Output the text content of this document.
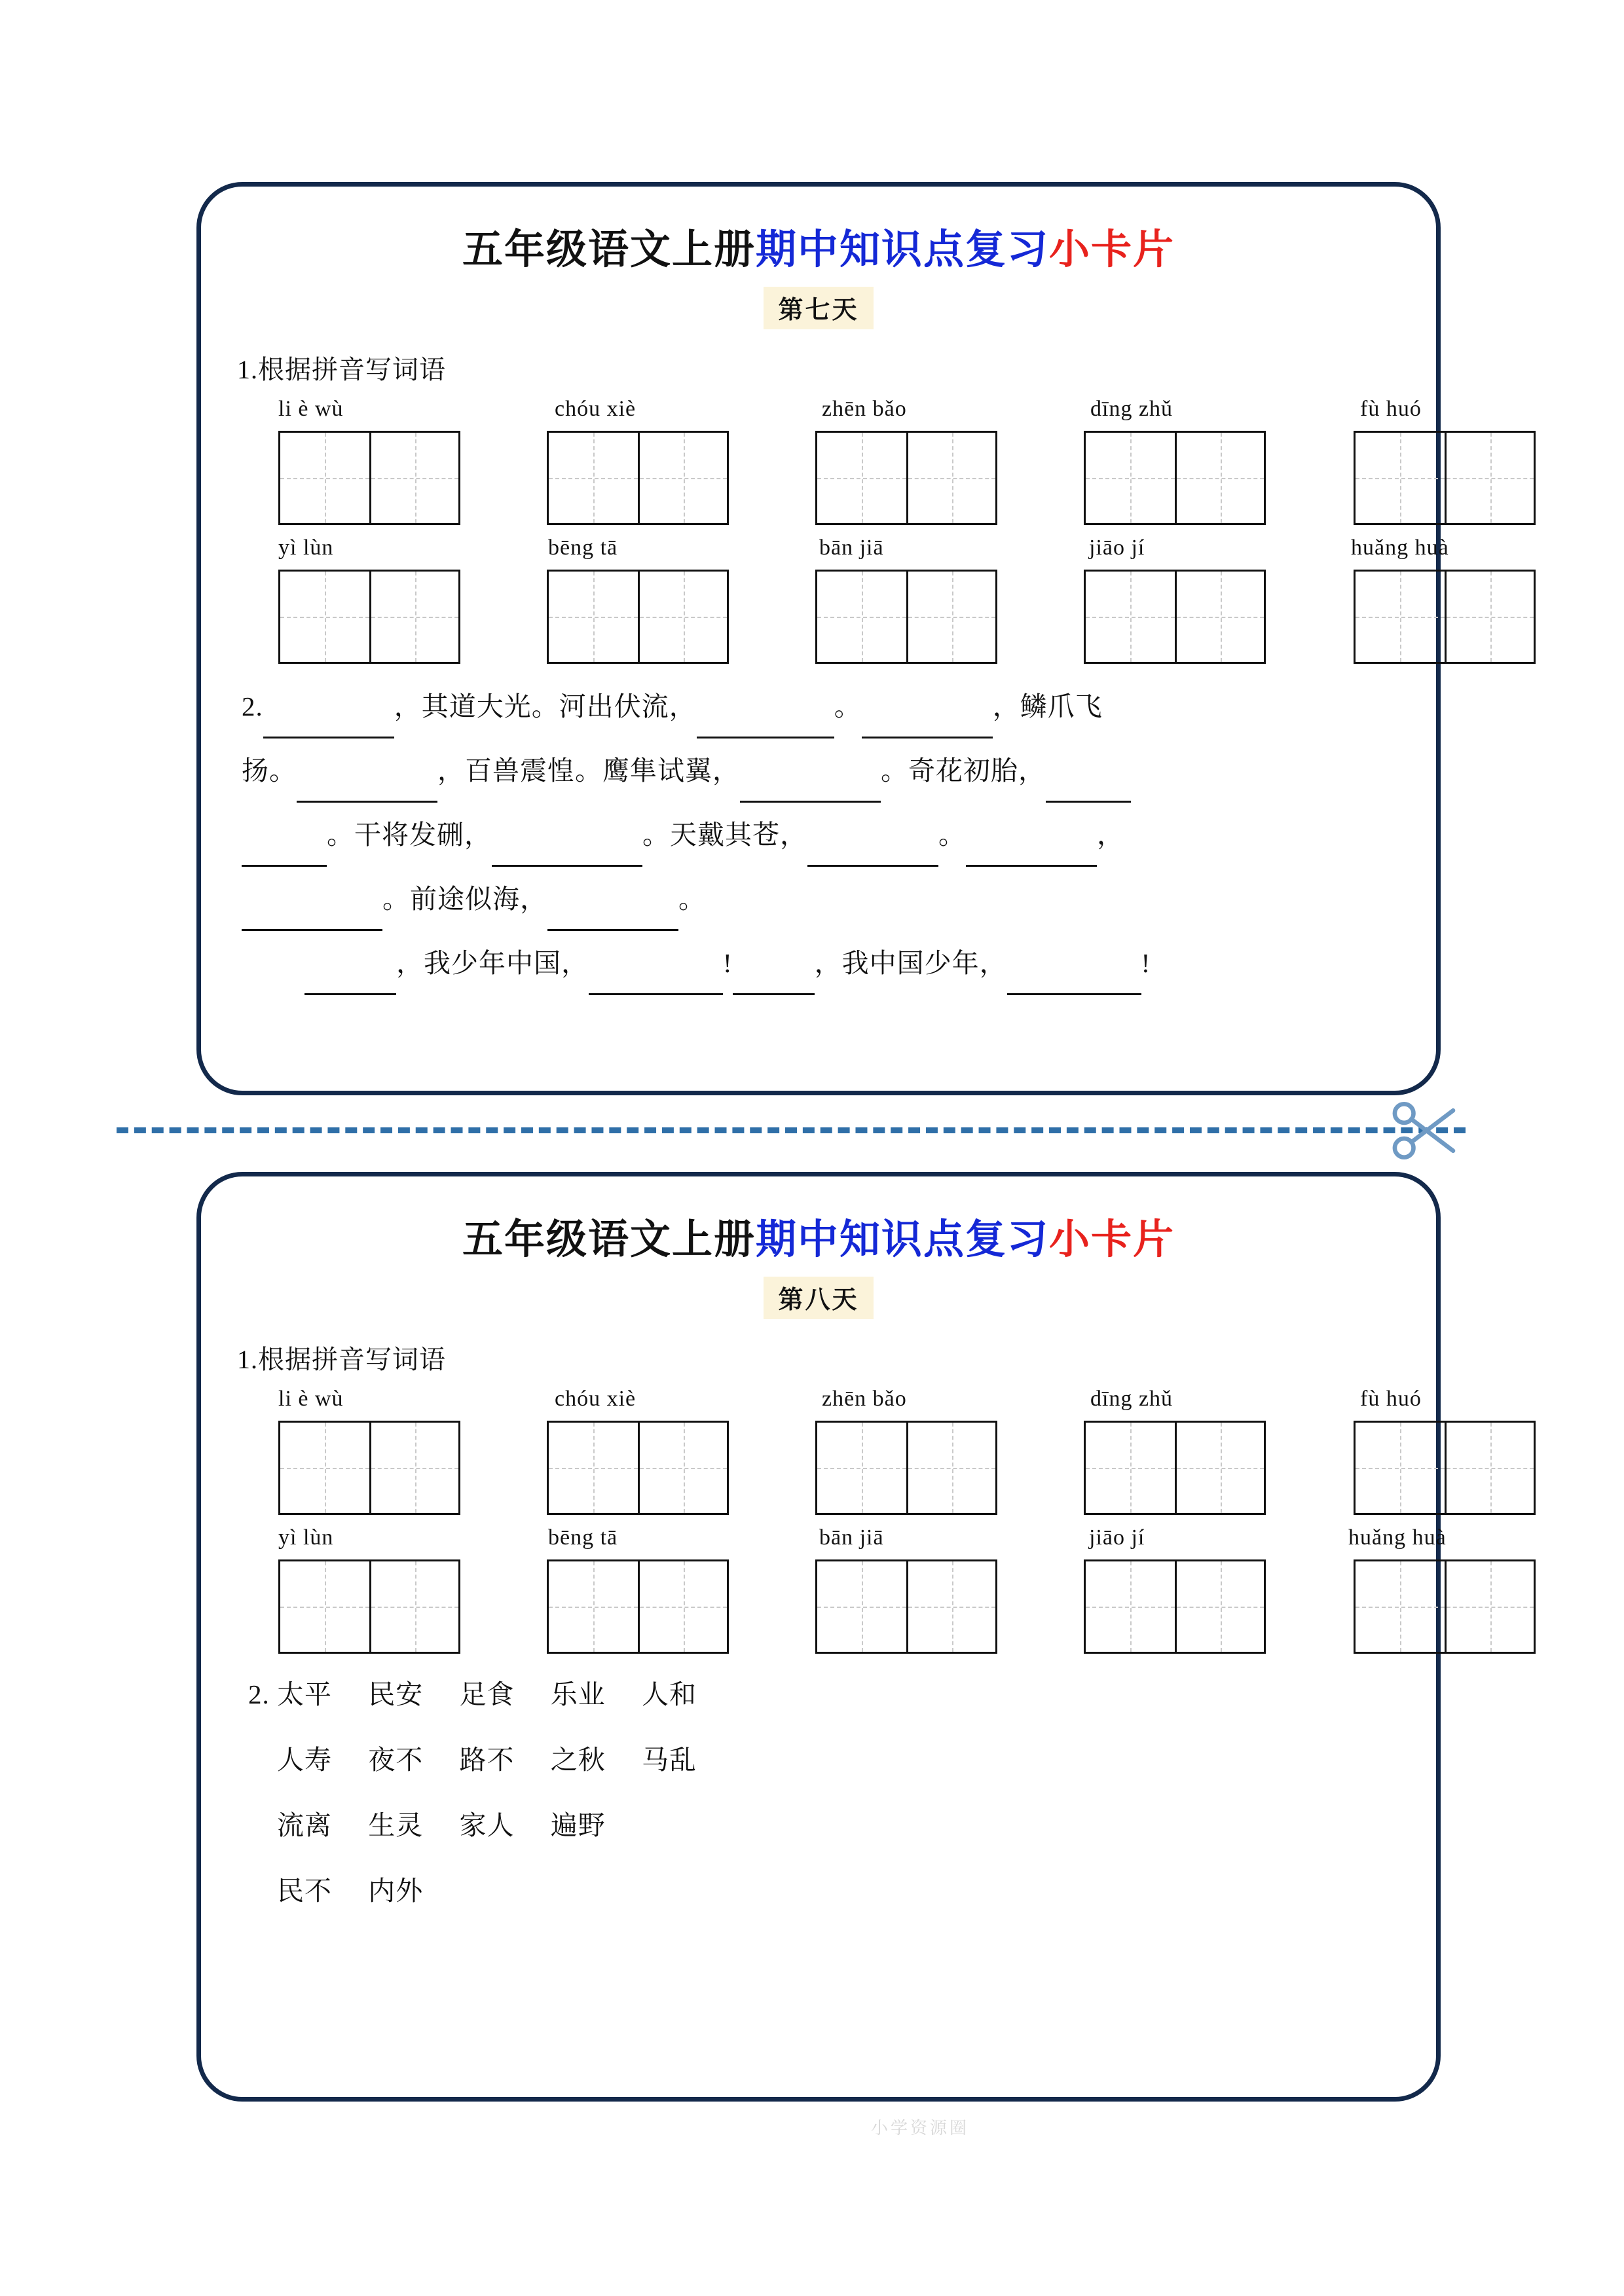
五年级语文上册期中知识点复习小卡片
第七天
1.根据拼音写词语
li è wù	chóu xiè	zhēn bǎo	dīng zhǔ	fù huó
yì lùn	bēng tā	bān jiā	jiāo jí	huǎng huà
2.	，其道大光。河出伏流，	。	，鳞爪飞
扬。	，百兽震惶。鹰隼试翼，	。奇花初胎，
。干将发硎，	。天戴其苍，	。	，
。前途似海，	。
，我少年中国，	!	，我中国少年，	!
五年级语文上册期中知识点复习小卡片
第八天
1.根据拼音写词语
li è wù	chóu xiè	zhēn bǎo	dīng zhǔ	fù huó
yì lùn	bēng tā	bān jiā	jiāo jí	huǎng huà
2. 太平 民安 足食 乐业 人和
人寿 夜不 路不 之秋 马乱
流离 生灵 家人 遍野
民不 内外
小学资源圈
